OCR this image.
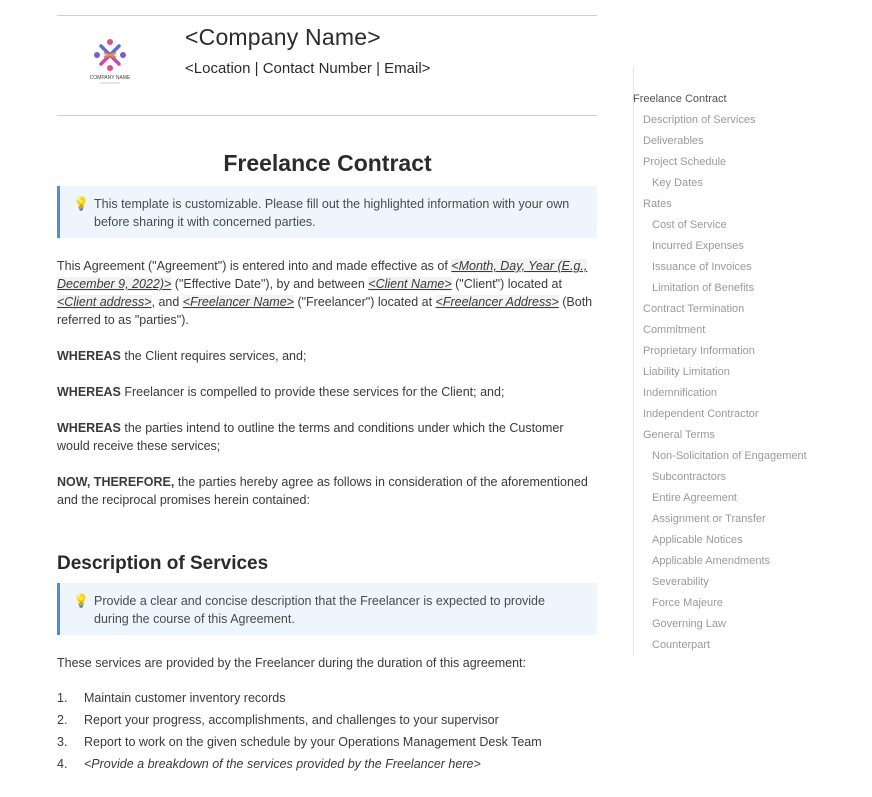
COMPANY NAME
<Company Name>
<Location | Contact Number | Email>
Freelance Contract
💡 This template is customizable. Please fill out the highlighted information with your own before sharing it with concerned parties.
This Agreement ("Agreement") is entered into and made effective as of <Month, Day, Year (E.g., December 9, 2022)> ("Effective Date"), by and between <Client Name> ("Client") located at <Client address>, and <Freelancer Name> ("Freelancer") located at <Freelancer Address> (Both referred to as "parties").
WHEREAS the Client requires services, and;
WHEREAS Freelancer is compelled to provide these services for the Client; and;
WHEREAS the parties intend to outline the terms and conditions under which the Customer would receive these services;
NOW, THEREFORE, the parties hereby agree as follows in consideration of the aforementioned and the reciprocal promises herein contained:
Description of Services
💡 Provide a clear and concise description that the Freelancer is expected to provide during the course of this Agreement.
These services are provided by the Freelancer during the duration of this agreement:
1.	Maintain customer inventory records
2.	Report your progress, accomplishments, and challenges to your supervisor
3.	Report to work on the given schedule by your Operations Management Desk Team
4.	<Provide a breakdown of the services provided by the Freelancer here>
Freelance Contract
Description of Services
Deliverables
Project Schedule
Key Dates
Rates
Cost of Service
Incurred Expenses
Issuance of Invoices
Limitation of Benefits
Contract Termination
Commitment
Proprietary Information
Liability Limitation
Indemnification
Independent Contractor
General Terms
Non-Solicitation of Engagement
Subcontractors
Entire Agreement
Assignment or Transfer
Applicable Notices
Applicable Amendments
Severability
Force Majeure
Governing Law
Counterpart
